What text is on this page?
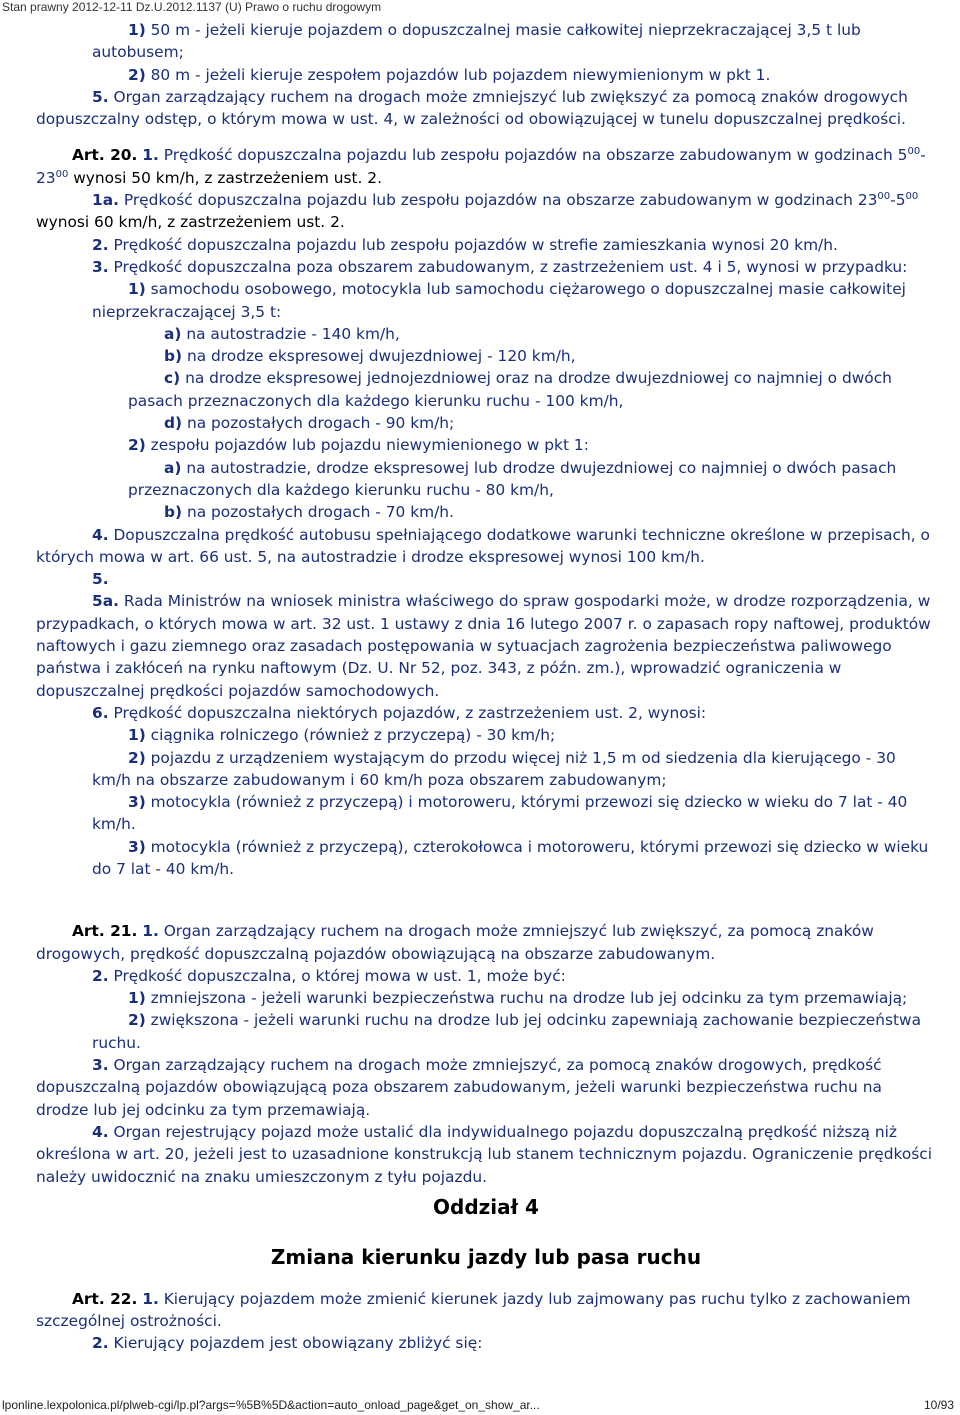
Stan prawny 2012-12-11 Dz.U.2012.1137 (U) Prawo o ruchu drogowym

1) 50 m - jeżeli kieruje pojazdem o dopuszczalnej masie całkowitej nieprzekraczającej 3,5 t lub autobusem;

2) 80 m - jeżeli kieruje zespołem pojazdów lub pojazdem niewymienionym w pkt 1.

5. Organ zarządzający ruchem na drogach może zmniejszyć lub zwiększyć za pomocą znaków drogowych dopuszczalny odstęp, o którym mowa w ust. 4, w zależności od obowiązującej w tunelu dopuszczalnej prędkości.

Art. 20. 1. Prędkość dopuszczalna pojazdu lub zespołu pojazdów na obszarze zabudowanym w godzinach $5^{00}-23^{00}$ wynosi 50 km/h, z zastrzeżeniem ust. 2.

1a. Prędkość dopuszczalna pojazdu lub zespołu pojazdów na obszarze zabudowanym w godzinach $23^{00}-5^{00}$ wynosi 60 km/h, z zastrzeżeniem ust. 2.

2. Prędkość dopuszczalna pojazdu lub zespołu pojazdów w strefie zamieszkania wynosi 20 km/h.

3. Prędkość dopuszczalna poza obszarem zabudowanym, z zastrzeżeniem ust. 4 i 5, wynosi w przypadku:

1) samochodu osobowego, motocykla lub samochodu ciężarowego o dopuszczalnej masie całkowitej nieprzekraczającej 3,5 t:

a) na autostradzie - 140 km/h,

b) na drodze ekspresowej dwujezdniowej - 120 km/h,

c) na drodze ekspresowej jednojezdniowej oraz na drodze dwujezdniowej co najmniej o dwóch pasach przeznaczonych dla każdego kierunku ruchu - 100 km/h,

d) na pozostałych drogach - 90 km/h;

2) zespołu pojazdów lub pojazdu niewymienionego w pkt 1:

a) na autostradzie, drodze ekspresowej lub drodze dwujezdniowej co najmniej o dwóch pasach przeznaczonych dla każdego kierunku ruchu - 80 km/h,

b) na pozostałych drogach - 70 km/h.

4. Dopuszczalna prędkość autobusu spełniającego dodatkowe warunki techniczne określone w przepisach, o których mowa w art. 66 ust. 5, na autostradzie i drodze ekspresowej wynosi 100 km/h.

5.

5a. Rada Ministrów na wniosek ministra właściwego do spraw gospodarki może, w drodze rozporządzenia, w przypadkach, o których mowa w art. 32 ust. 1 ustawy z dnia 16 lutego 2007 r. o zapasach ropy naftowej, produktów naftowych i gazu ziemnego oraz zasadach postępowania w sytuacjach zagrożenia bezpieczeństwa paliwowego państwa i zakłóceń na rynku naftowym (Dz. U. Nr 52, poz. 343, z późn. zm.), wprowadzić ograniczenia w dopuszczalnej prędkości pojazdów samochodowych.

6. Prędkość dopuszczalna niektórych pojazdów, z zastrzeżeniem ust. 2, wynosi:

1) ciągnika rolniczego (również z przyczepą) - 30 km/h;

2) pojazdu z urządzeniem wystającym do przodu więcej niż 1,5 m od siedzenia dla kierującego - 30 km/h na obszarze zabudowanym i 60 km/h poza obszarem zabudowanym;

3) motocykla (również z przyczepą) i motoroweru, którymi przewozi się dziecko w wieku do 7 lat - 40 km/h.

3) motocykla (również z przyczepą), czterokołowca i motoroweru, którymi przewozi się dziecko w wieku do 7 lat - 40 km/h.

Art. 21. 1. Organ zarządzający ruchem na drogach może zmniejszyć lub zwiększyć, za pomocą znaków drogowych, prędkość dopuszczalną pojazdów obowiązującą na obszarze zabudowanym.

2. Prędkość dopuszczalna, o której mowa w ust. 1, może być:

1) zmniejszona - jeżeli warunki bezpieczeństwa ruchu na drodze lub jej odcinku za tym przemawiają;

2) zwiększona - jeżeli warunki ruchu na drodze lub jej odcinku zapewniają zachowanie bezpieczeństwa ruchu.

3. Organ zarządzający ruchem na drogach może zmniejszyć, za pomocą znaków drogowych, prędkość dopuszczalną pojazdów obowiązującą poza obszarem zabudowanym, jeżeli warunki bezpieczeństwa ruchu na drodze lub jej odcinku za tym przemawiają.

4. Organ rejestrujący pojazd może ustalić dla indywidualnego pojazdu dopuszczalną prędkość niższą niż określona w art. 20, jeżeli jest to uzasadnione konstrukcją lub stanem technicznym pojazdu. Ograniczenie prędkości należy uwidocznić na znaku umieszczonym z tyłu pojazdu.

Oddział 4

Zmiana kierunku jazdy lub pasa ruchu

Art. 22. 1. Kierujący pojazdem może zmienić kierunek jazdy lub zajmowany pas ruchu tylko z zachowaniem szczególnej ostrożności.

2. Kierujący pojazdem jest obowiązany zbliżyć się:

lponline.lexpolonica.pl/plweb-cgi/lp.pl?args=%5B%5D&action=auto_onload_page&get_on_show_ar...	10/93
